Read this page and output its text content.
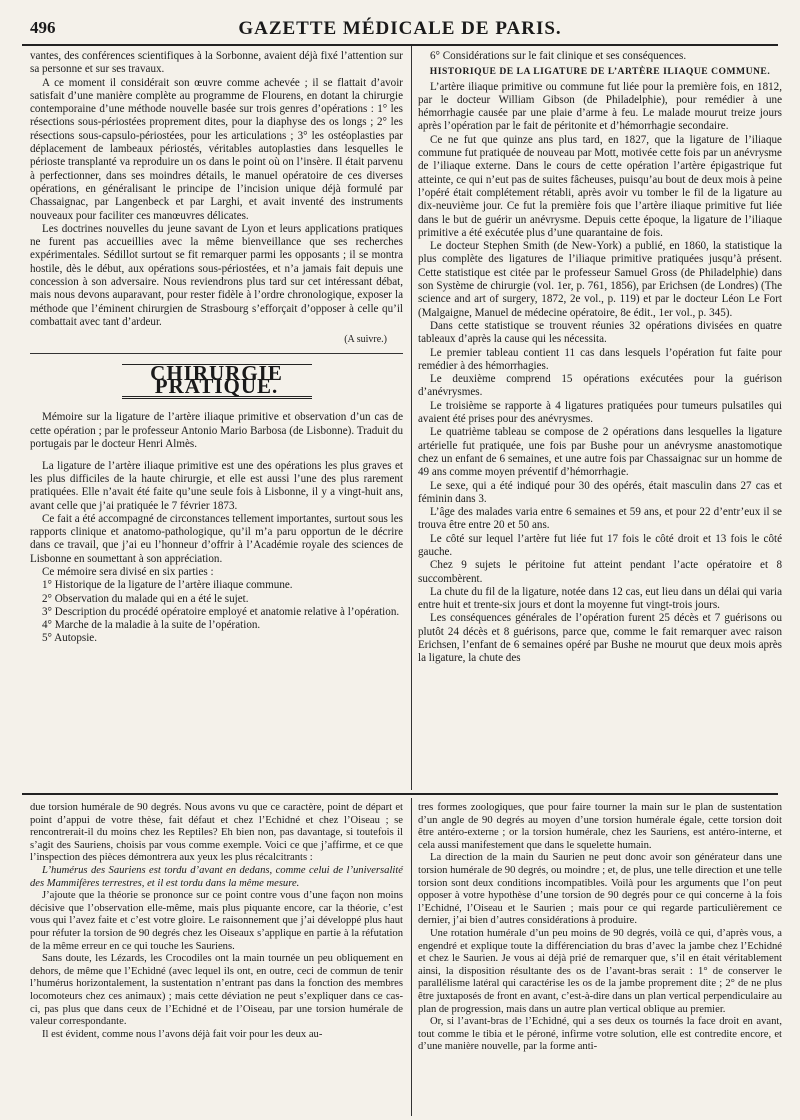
496	GAZETTE MÉDICALE DE PARIS.

vantes, des conférences scientifiques à la Sorbonne, avaient déjà fixé l’attention sur sa personne et sur ses travaux.

A ce moment il considérait son œuvre comme achevée ; il se flattait d’avoir satisfait d’une manière complète au programme de Flourens, en dotant la chirurgie contemporaine d’une méthode nouvelle basée sur trois genres d’opérations : 1° les résections sous-périostées proprement dites, pour la diaphyse des os longs ; 2° les résections sous-capsulo-périostées, pour les articulations ; 3° les ostéoplasties par déplacement de lambeaux périostés, véritables autoplasties dans lesquelles le périoste transplanté va reproduire un os dans le point où on l’insère. Il était parvenu à perfectionner, dans ses moindres détails, le manuel opératoire de ces diverses opérations, en généralisant le principe de l’incision unique déjà formulé par Chassaignac, par Langenbeck et par Larghi, et avait inventé des instruments nouveaux pour faciliter ces manœuvres délicates.

Les doctrines nouvelles du jeune savant de Lyon et leurs applications pratiques ne furent pas accueillies avec la même bienveillance que ses recherches expérimentales. Sédillot surtout se fit remarquer parmi les opposants ; il se montra hostile, dès le début, aux opérations sous-périostées, et n’a jamais fait depuis une concession à son adversaire. Nous reviendrons plus tard sur cet intéressant débat, mais nous devons auparavant, pour rester fidèle à l’ordre chronologique, exposer la méthode que l’éminent chirurgien de Strasbourg s’efforçait d’opposer à celle qu’il combattait avec tant d’ardeur.

(A suivre.)

CHIRURGIE PRATIQUE.

Mémoire sur la ligature de l’artère iliaque primitive et observation d’un cas de cette opération ; par le professeur Antonio Mario Barbosa (de Lisbonne). Traduit du portugais par le docteur Henri Almès.

La ligature de l’artère iliaque primitive est une des opérations les plus graves et les plus difficiles de la haute chirurgie, et elle est aussi l’une des plus rarement pratiquées. Elle n’avait été faite qu’une seule fois à Lisbonne, il y a vingt-huit ans, avant celle que j’ai pratiquée le 7 février 1873.

Ce fait a été accompagné de circonstances tellement importantes, surtout sous les rapports clinique et anatomo-pathologique, qu’il m’a paru opportun de le décrire dans ce travail, que j’ai eu l’honneur d’offrir à l’Académie royale des sciences de Lisbonne en soumettant à son appréciation.

Ce mémoire sera divisé en six parties :

1° Historique de la ligature de l’artère iliaque commune.

2° Observation du malade qui en a été le sujet.

3° Description du procédé opératoire employé et anatomie relative à l’opération.

4° Marche de la maladie à la suite de l’opération.

5° Autopsie.

6° Considérations sur le fait clinique et ses conséquences.

HISTORIQUE DE LA LIGATURE DE L’ARTÈRE ILIAQUE COMMUNE.

L’artère iliaque primitive ou commune fut liée pour la première fois, en 1812, par le docteur William Gibson (de Philadelphie), pour remédier à une hémorrhagie causée par une plaie d’arme à feu. Le malade mourut treize jours après l’opération par le fait de péritonite et d’hémorrhagie secondaire.

Ce ne fut que quinze ans plus tard, en 1827, que la ligature de l’iliaque commune fut pratiquée de nouveau par Mott, motivée cette fois par un anévrysme de l’iliaque externe. Dans le cours de cette opération l’artère épigastrique fut atteinte, ce qui n’eut pas de suites fâcheuses, puisqu’au bout de deux mois à peine l’opéré était complétement rétabli, après avoir vu tomber le fil de la ligature au dix-neuvième jour. Ce fut la première fois que l’artère iliaque primitive fut liée dans le but de guérir un anévrysme. Depuis cette époque, la ligature de l’iliaque primitive a été exécutée plus d’une quarantaine de fois.

Le docteur Stephen Smith (de New-York) a publié, en 1860, la statistique la plus complète des ligatures de l’iliaque primitive pratiquées jusqu’à présent. Cette statistique est citée par le professeur Samuel Gross (de Philadelphie) dans son Système de chirurgie (vol. 1er, p. 761, 1856), par Erichsen (de Londres) (The science and art of surgery, 1872, 2e vol., p. 119) et par le docteur Léon Le Fort (Malgaigne, Manuel de médecine opératoire, 8e édit., 1er vol., p. 345).

Dans cette statistique se trouvent réunies 32 opérations divisées en quatre tableaux d’après la cause qui les nécessita.

Le premier tableau contient 11 cas dans lesquels l’opération fut faite pour remédier à des hémorrhagies.

Le deuxième comprend 15 opérations exécutées pour la guérison d’anévrysmes.

Le troisième se rapporte à 4 ligatures pratiquées pour tumeurs pulsatiles qui avaient été prises pour des anévrysmes.

Le quatrième tableau se compose de 2 opérations dans lesquelles la ligature artérielle fut pratiquée, une fois par Bushe pour un anévrysme anastomotique chez un enfant de 6 semaines, et une autre fois par Chassaignac sur un homme de 49 ans comme moyen préventif d’hémorrhagie.

Le sexe, qui a été indiqué pour 30 des opérés, était masculin dans 27 cas et féminin dans 3.

L’âge des malades varia entre 6 semaines et 59 ans, et pour 22 d’entr’eux il se trouva être entre 20 et 50 ans.

Le côté sur lequel l’artère fut liée fut 17 fois le côté droit et 13 fois le côté gauche.

Chez 9 sujets le péritoine fut atteint pendant l’acte opératoire et 8 succombèrent.

La chute du fil de la ligature, notée dans 12 cas, eut lieu dans un délai qui varia entre huit et trente-six jours et dont la moyenne fut vingt-trois jours.

Les conséquences générales de l’opération furent 25 décès et 7 guérisons ou plutôt 24 décès et 8 guérisons, parce que, comme le fait remarquer avec raison Erichsen, l’enfant de 6 semaines opéré par Bushe ne mourut que deux mois après la ligature, la chute des

due torsion humérale de 90 degrés. Nous avons vu que ce caractère, point de départ et point d’appui de votre thèse, fait défaut et chez l’Echidné et chez l’Oiseau ; se rencontrerait-il du moins chez les Reptiles? Eh bien non, pas davantage, si toutefois il s’agit des Sauriens, choisis par vous comme exemple. Voici ce que j’affirme, et ce que l’inspection des pièces démontrera aux yeux les plus récalcitrants :

L’humérus des Sauriens est tordu d’avant en dedans, comme celui de l’universalité des Mammifères terrestres, et il est tordu dans la même mesure.

J’ajoute que la théorie se prononce sur ce point contre vous d’une façon non moins décisive que l’observation elle-même, mais plus piquante encore, car la théorie, c’est vous qui l’avez faite et c’est votre gloire. Le raisonnement que j’ai développé plus haut pour réfuter la torsion de 90 degrés chez les Oiseaux s’applique en partie à la réfutation de la même erreur en ce qui touche les Sauriens.

Sans doute, les Lézards, les Crocodiles ont la main tournée un peu obliquement en dehors, de même que l’Echidné (avec lequel ils ont, en outre, ceci de commun de tenir l’humérus horizontalement, la sustentation n’entrant pas dans la fonction des membres locomoteurs chez ces animaux) ; mais cette déviation ne peut s’expliquer dans ce cas-ci, pas plus que dans ceux de l’Echidné et de l’Oiseau, par une torsion humérale de valeur correspondante.

Il est évident, comme nous l’avons déjà fait voir pour les deux au-

tres formes zoologiques, que pour faire tourner la main sur le plan de sustentation d’un angle de 90 degrés au moyen d’une torsion humérale égale, cette torsion doit être antéro-externe ; or la torsion humérale, chez les Sauriens, est antéro-interne, et cela aussi manifestement que dans le squelette humain.

La direction de la main du Saurien ne peut donc avoir son générateur dans une torsion humérale de 90 degrés, ou moindre ; et, de plus, une telle direction et une telle torsion sont deux conditions incompatibles. Voilà pour les arguments que l’on peut opposer à votre hypothèse d’une torsion de 90 degrés pour ce qui concerne à la fois l’Echidné, l’Oiseau et le Saurien ; mais pour ce qui regarde particulièrement ce dernier, j’ai bien d’autres considérations à produire.

Une rotation humérale d’un peu moins de 90 degrés, voilà ce qui, d’après vous, a engendré et explique toute la différenciation du bras d’avec la jambe chez l’Echidné et chez le Saurien. Je vous ai déjà prié de remarquer que, s’il en était véritablement ainsi, la disposition résultante des os de l’avant-bras serait : 1° de conserver le parallélisme latéral qui caractérise les os de la jambe proprement dite ; 2° de ne plus être juxtaposés de front en avant, c’est-à-dire dans un plan vertical perpendiculaire au plan de progression, mais dans un autre plan vertical oblique au premier.

Or, si l’avant-bras de l’Echidné, qui a ses deux os tournés la face droit en avant, tout comme le tibia et le péroné, infirme votre solution, elle est contredite encore, et d’une manière nouvelle, par la forme anti-
